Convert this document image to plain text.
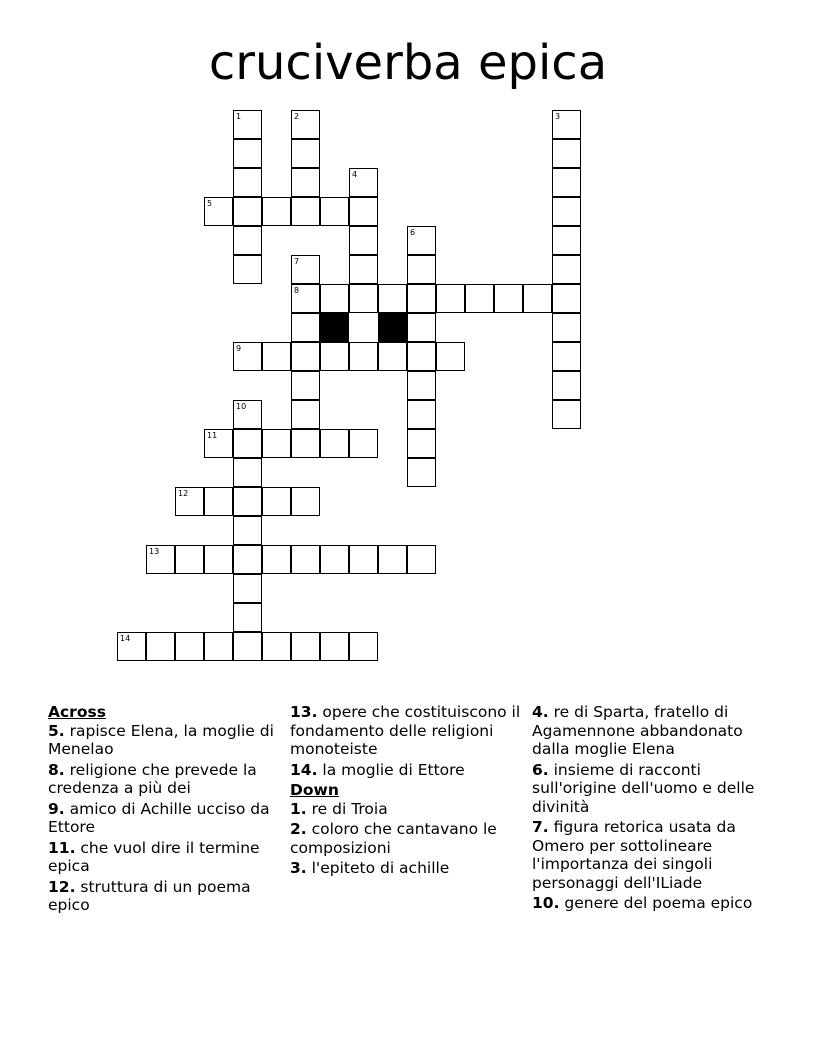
cruciverba epica
5
8
9
11
12
13
14
1	2	3
4
6
7
10

Across

5. rapisce Elena, la moglie di Menelao

8. religione che prevede la credenza a più dei

9. amico di Achille ucciso da Ettore

11. che vuol dire il termine epica

12. struttura di un poema epico

13. opere che costituiscono il fondamento delle religioni monoteiste

14. la moglie di Ettore

Down

1. re di Troia

2. coloro che cantavano le composizioni

3. l'epiteto di achille

4. re di Sparta, fratello di Agamennone abbandonato dalla moglie Elena

6. insieme di racconti sull'origine dell'uomo e delle divinità

7. figura retorica usata da Omero per sottolineare l'importanza dei singoli personaggi dell'ILiade

10. genere del poema epico
